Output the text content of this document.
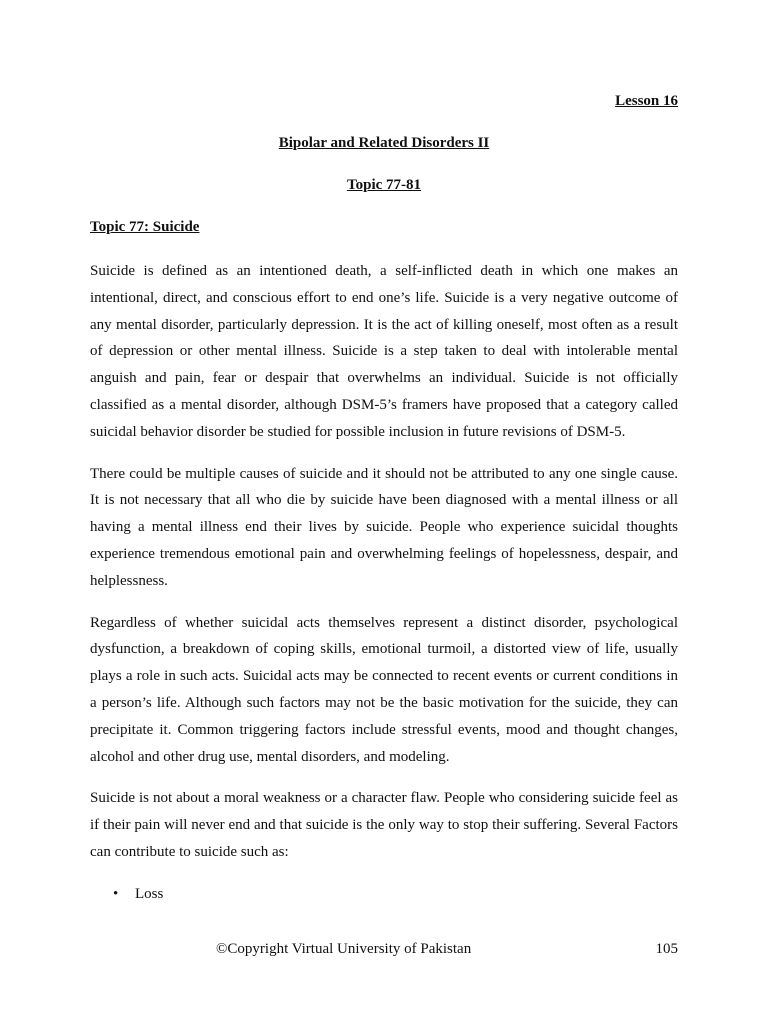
Lesson 16
Bipolar and Related Disorders II
Topic 77-81
Topic 77: Suicide

Suicide is defined as an intentioned death, a self-inflicted death in which one makes an intentional, direct, and conscious effort to end one’s life. Suicide is a very negative outcome of any mental disorder, particularly depression. It is the act of killing oneself, most often as a result of depression or other mental illness. Suicide is a step taken to deal with intolerable mental anguish and pain, fear or despair that overwhelms an individual. Suicide is not officially classified as a mental disorder, although DSM-5’s framers have proposed that a category called suicidal behavior disorder be studied for possible inclusion in future revisions of DSM-5.

There could be multiple causes of suicide and it should not be attributed to any one single cause. It is not necessary that all who die by suicide have been diagnosed with a mental illness or all having a mental illness end their lives by suicide. People who experience suicidal thoughts experience tremendous emotional pain and overwhelming feelings of hopelessness, despair, and helplessness.

Regardless of whether suicidal acts themselves represent a distinct disorder, psychological dysfunction, a breakdown of coping skills, emotional turmoil, a distorted view of life, usually plays a role in such acts. Suicidal acts may be connected to recent events or current conditions in a person’s life. Although such factors may not be the basic motivation for the suicide, they can precipitate it. Common triggering factors include stressful events, mood and thought changes, alcohol and other drug use, mental disorders, and modeling.

Suicide is not about a moral weakness or a character flaw. People who considering suicide feel as if their pain will never end and that suicide is the only way to stop their suffering. Several Factors can contribute to suicide such as:

• Loss
©Copyright Virtual University of Pakistan	105
